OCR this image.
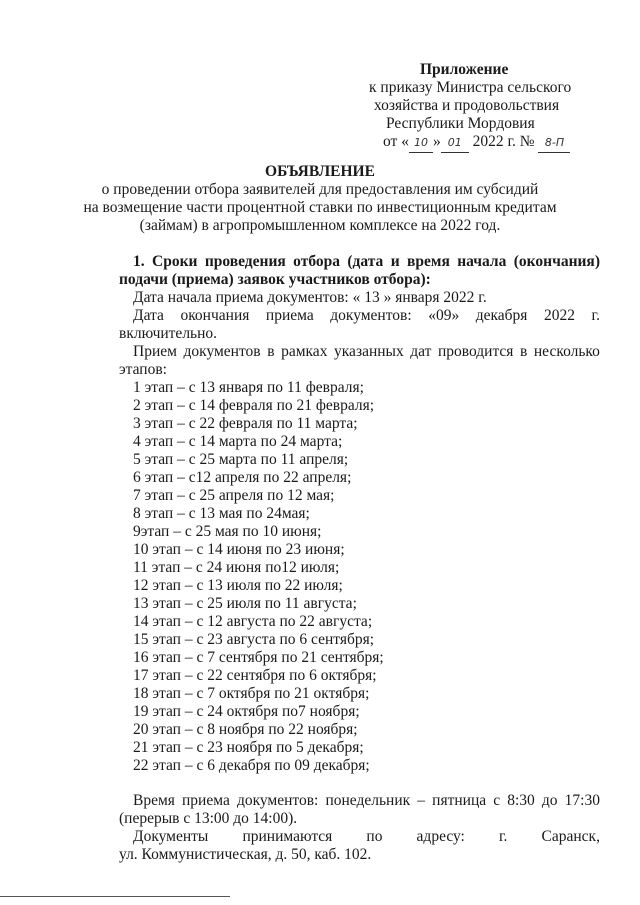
Приложение
к приказу Министра сельского
хозяйства и продовольствия
Республики Мордовия
от « 10 » 01 2022 г. № 8-П
ОБЪЯВЛЕНИЕ
о проведении отбора заявителей для предоставления им субсидий
на возмещение части процентной ставки по инвестиционным кредитам
(займам) в агропромышленном комплексе на 2022 год.
1. Сроки проведения отбора (дата и время начала (окончания)
подачи (приема) заявок участников отбора):
Дата начала приема документов: « 13 » января 2022 г.
Дата окончания приема документов: «09» декабря 2022 г.
включительно.
Прием документов в рамках указанных дат проводится в несколько
этапов:
1 этап – с 13 января по 11 февраля;
2 этап – с 14 февраля по 21 февраля;
3 этап – с 22 февраля по 11 марта;
4 этап – с 14 марта по 24 марта;
5 этап – с 25 марта по 11 апреля;
6 этап – с12 апреля по 22 апреля;
7 этап – с 25 апреля по 12 мая;
8 этап – с 13 мая по 24мая;
9этап – с 25 мая по 10 июня;
10 этап – с 14 июня по 23 июня;
11 этап – с 24 июня по12 июля;
12 этап – с 13 июля по 22 июля;
13 этап – с 25 июля по 11 августа;
14 этап – с 12 августа по 22 августа;
15 этап – с 23 августа по 6 сентября;
16 этап – с 7 сентября по 21 сентября;
17 этап – с 22 сентября по 6 октября;
18 этап – с 7 октября по 21 октября;
19 этап – с 24 октября по7 ноября;
20 этап – с 8 ноября по 22 ноября;
21 этап – с 23 ноября по 5 декабря;
22 этап – с 6 декабря по 09 декабря;
Время приема документов: понедельник – пятница с 8:30 до 17:30
(перерыв с 13:00 до 14:00).
Документы принимаются по адресу: г. Саранск,
ул. Коммунистическая, д. 50, каб. 102.
